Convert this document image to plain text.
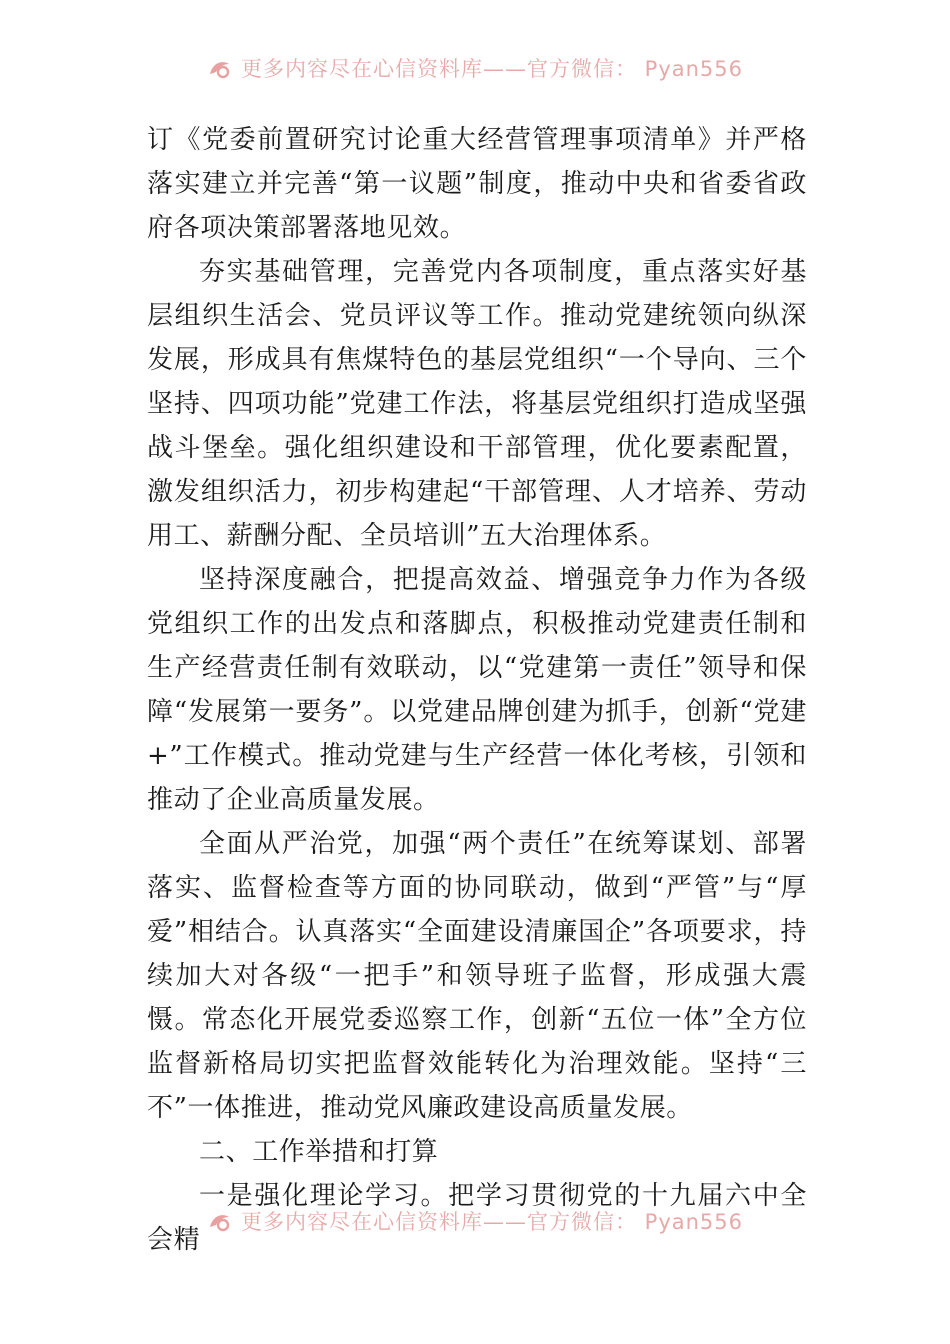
更多内容尽在心信资料库——官方微信： Pyan556

订《党委前置研究讨论重大经营管理事项清单》并严格落实建立并完善“第一议题”制度，推动中央和省委省政府各项决策部署落地见效。

夯实基础管理，完善党内各项制度，重点落实好基层组织生活会、党员评议等工作。推动党建统领向纵深发展，形成具有焦煤特色的基层党组织“一个导向、三个坚持、四项功能”党建工作法，将基层党组织打造成坚强战斗堡垒。强化组织建设和干部管理，优化要素配置，激发组织活力，初步构建起“干部管理、人才培养、劳动用工、薪酬分配、全员培训”五大治理体系。

坚持深度融合，把提高效益、增强竞争力作为各级党组织工作的出发点和落脚点，积极推动党建责任制和生产经营责任制有效联动，以“党建第一责任”领导和保障“发展第一要务”。以党建品牌创建为抓手，创新“党建+”工作模式。推动党建与生产经营一体化考核，引领和推动了企业高质量发展。

全面从严治党，加强“两个责任”在统筹谋划、部署落实、监督检查等方面的协同联动，做到“严管”与“厚爱”相结合。认真落实“全面建设清廉国企”各项要求，持续加大对各级“一把手”和领导班子监督，形成强大震慑。常态化开展党委巡察工作，创新“五位一体”全方位监督新格局切实把监督效能转化为治理效能。坚持“三不”一体推进，推动党风廉政建设高质量发展。

二、工作举措和打算

一是强化理论学习。把学习贯彻党的十九届六中全会精

更多内容尽在心信资料库——官方微信： Pyan556
